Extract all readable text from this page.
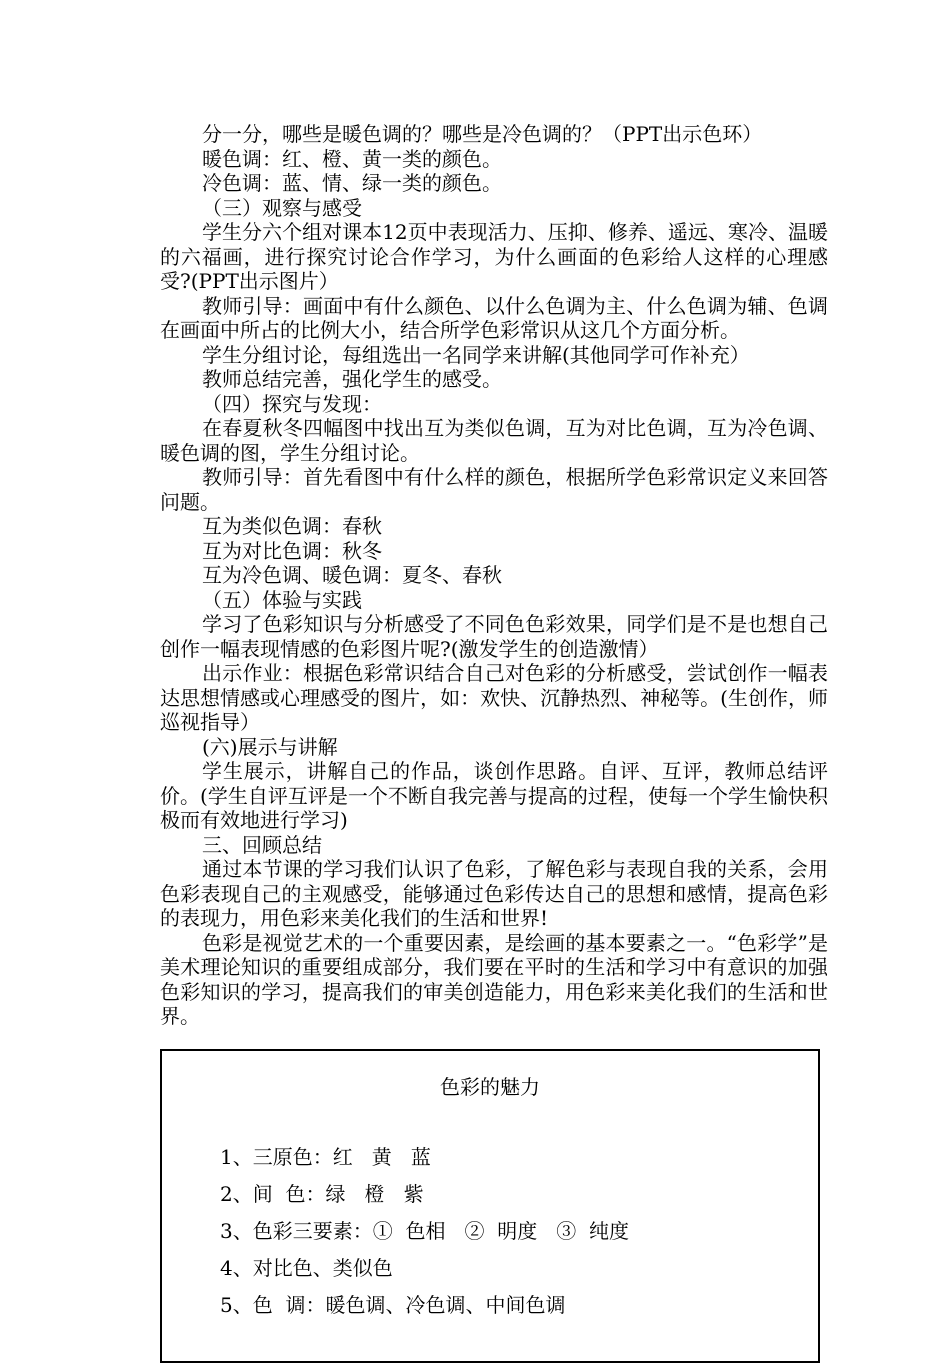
分一分，哪些是暖色调的？哪些是冷色调的？（PPT出示色环）

暖色调：红、橙、黄一类的颜色。

冷色调：蓝、情、绿一类的颜色。

（三）观察与感受

学生分六个组对课本12页中表现活力、压抑、修养、遥远、寒冷、温暖的六福画，进行探究讨论合作学习，为什么画面的色彩给人这样的心理感受?(PPT出示图片）

教师引导：画面中有什么颜色、以什么色调为主、什么色调为辅、色调在画面中所占的比例大小，结合所学色彩常识从这几个方面分析。

学生分组讨论，每组选出一名同学来讲解(其他同学可作补充）

教师总结完善，强化学生的感受。

（四）探究与发现：

在春夏秋冬四幅图中找出互为类似色调，互为对比色调，互为冷色调、暖色调的图，学生分组讨论。

教师引导：首先看图中有什么样的颜色，根据所学色彩常识定义来回答问题。

互为类似色调：春秋

互为对比色调：秋冬

互为冷色调、暖色调：夏冬、春秋

（五）体验与实践

学习了色彩知识与分析感受了不同色色彩效果，同学们是不是也想自己创作一幅表现情感的色彩图片呢?(激发学生的创造激情）

出示作业：根据色彩常识结合自己对色彩的分析感受，尝试创作一幅表达思想情感或心理感受的图片，如：欢快、沉静热烈、神秘等。(生创作，师巡视指导）

(六)展示与讲解

学生展示，讲解自己的作品，谈创作思路。自评、互评，教师总结评价。(学生自评互评是一个不断自我完善与提高的过程，使每一个学生愉快积极而有效地进行学习)

三、回顾总结

通过本节课的学习我们认识了色彩，了解色彩与表现自我的关系，会用色彩表现自己的主观感受，能够通过色彩传达自己的思想和感情，提高色彩的表现力，用色彩来美化我们的生活和世界!

色彩是视觉艺术的一个重要因素，是绘画的基本要素之一。“色彩学”是美术理论知识的重要组成部分，我们要在平时的生活和学习中有意识的加强色彩知识的学习，提高我们的审美创造能力，用色彩来美化我们的生活和世界。

色彩的魅力
1、三原色：红   黄   蓝
2、间  色：绿   橙   紫
3、色彩三要素：①  色相   ②  明度   ③  纯度
4、对比色、类似色
5、色  调：暖色调、冷色调、中间色调
